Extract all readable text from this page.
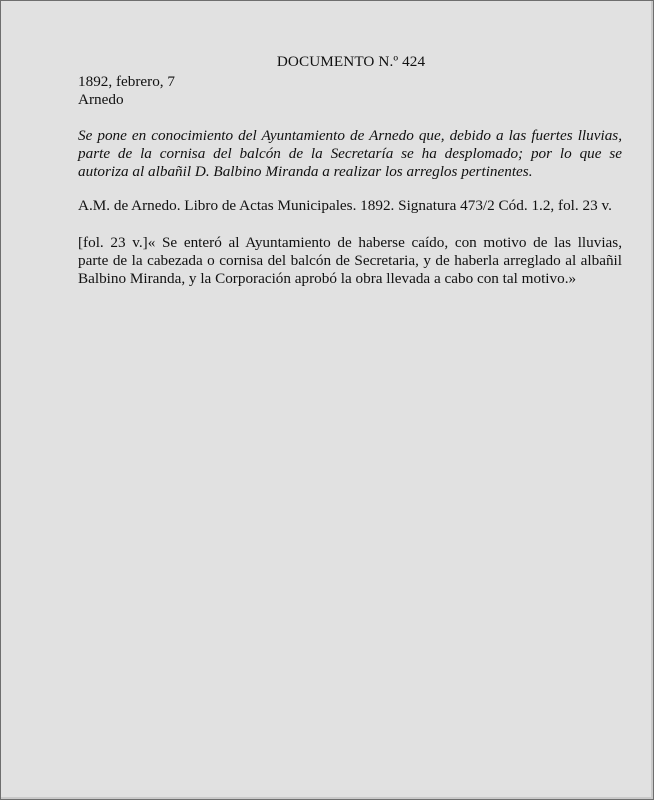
DOCUMENTO N.º 424
1892, febrero, 7
Arnedo
Se pone en conocimiento del Ayuntamiento de Arnedo que, debido a las fuertes lluvias,
parte de la cornisa del balcón de la Secretaría se ha desplomado; por lo que se
autoriza al albañil D. Balbino Miranda a realizar los arreglos pertinentes.
A.M. de Arnedo. Libro de Actas Municipales. 1892. Signatura 473/2 Cód. 1.2, fol. 23 v.
[fol. 23 v.]« Se enteró al Ayuntamiento de haberse caído, con motivo de las lluvias,
parte de la cabezada o cornisa del balcón de Secretaria, y de haberla arreglado al albañil
Balbino Miranda, y la Corporación aprobó la obra llevada a cabo con tal motivo.»
